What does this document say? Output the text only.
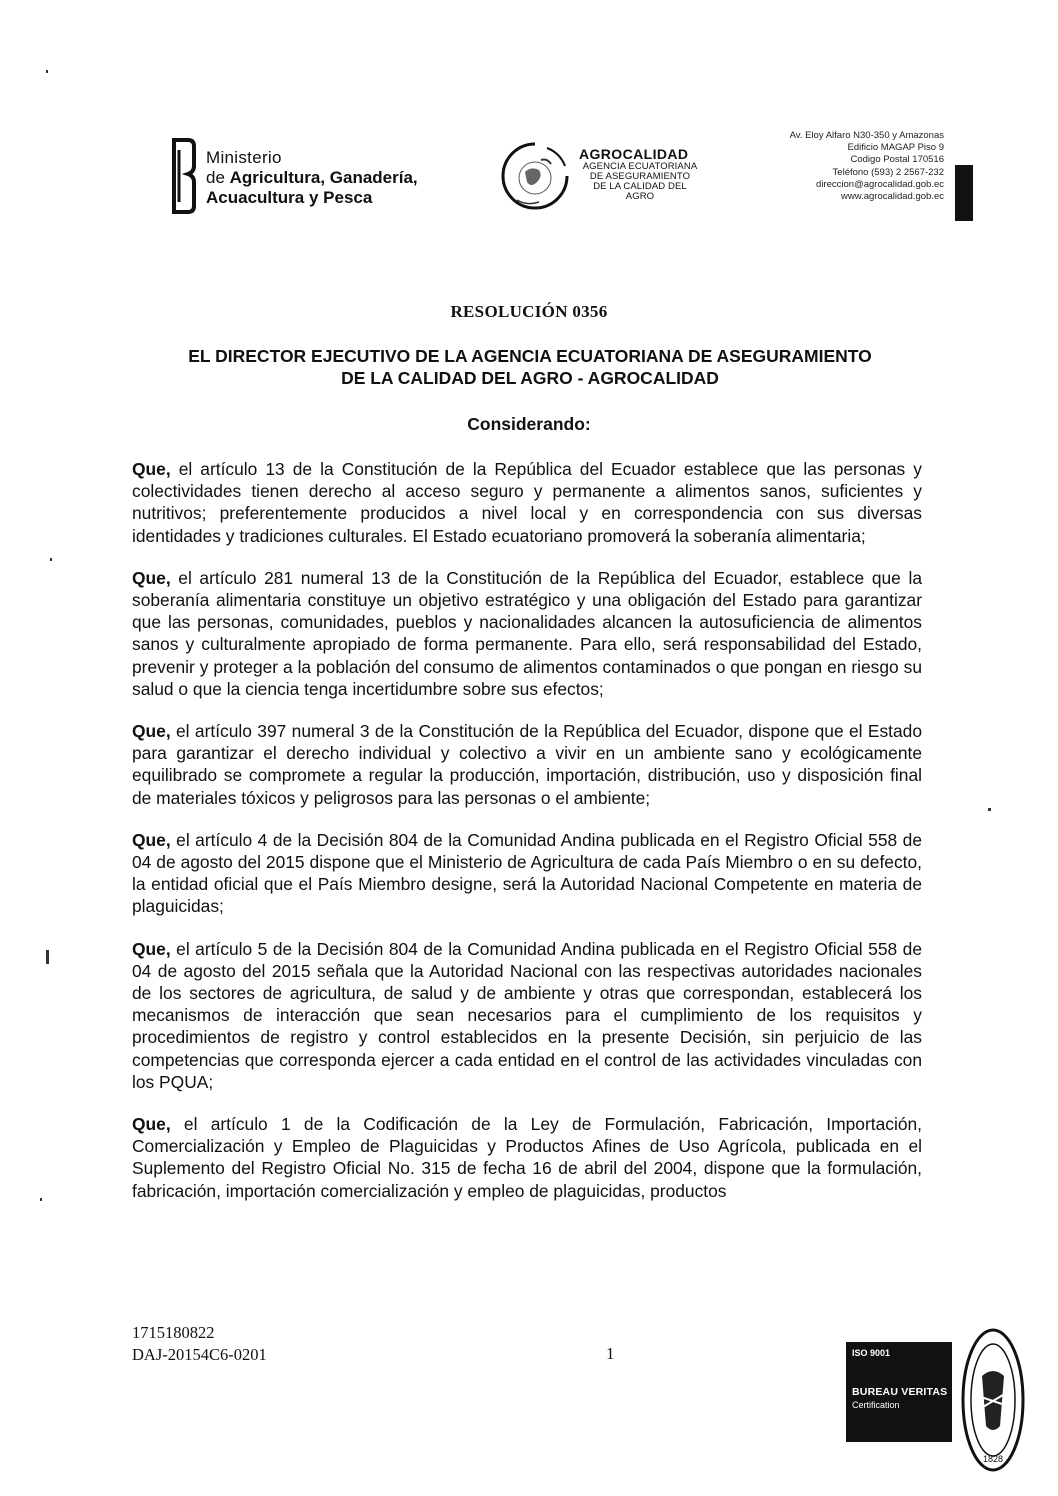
Ministerio
de Agricultura, Ganadería,
Acuacultura y Pesca
AGROCALIDAD
AGENCIA ECUATORIANA
DE ASEGURAMIENTO
DE LA CALIDAD DEL AGRO
Av. Eloy Alfaro N30-350 y Amazonas
Edificio MAGAP Piso 9
Codigo Postal 170516
Teléfono (593) 2 2567-232
direccion@agrocalidad.gob.ec
www.agrocalidad.gob.ec
RESOLUCIÓN 0356
EL DIRECTOR EJECUTIVO DE LA AGENCIA ECUATORIANA DE ASEGURAMIENTO
DE LA CALIDAD DEL AGRO - AGROCALIDAD
Considerando:

Que, el artículo 13 de la Constitución de la República del Ecuador establece que las personas y colectividades tienen derecho al acceso seguro y permanente a alimentos sanos, suficientes y nutritivos; preferentemente producidos a nivel local y en correspondencia con sus diversas identidades y tradiciones culturales. El Estado ecuatoriano promoverá la soberanía alimentaria;

Que, el artículo 281 numeral 13 de la Constitución de la República del Ecuador, establece que la soberanía alimentaria constituye un objetivo estratégico y una obligación del Estado para garantizar que las personas, comunidades, pueblos y nacionalidades alcancen la autosuficiencia de alimentos sanos y culturalmente apropiado de forma permanente. Para ello, será responsabilidad del Estado, prevenir y proteger a la población del consumo de alimentos contaminados o que pongan en riesgo su salud o que la ciencia tenga incertidumbre sobre sus efectos;

Que, el artículo 397 numeral 3 de la Constitución de la República del Ecuador, dispone que el Estado para garantizar el derecho individual y colectivo a vivir en un ambiente sano y ecológicamente equilibrado se compromete a regular la producción, importación, distribución, uso y disposición final de materiales tóxicos y peligrosos para las personas o el ambiente;

Que, el artículo 4 de la Decisión 804 de la Comunidad Andina publicada en el Registro Oficial 558 de 04 de agosto del 2015 dispone que el Ministerio de Agricultura de cada País Miembro o en su defecto, la entidad oficial que el País Miembro designe, será la Autoridad Nacional Competente en materia de plaguicidas;

Que, el artículo 5 de la Decisión 804 de la Comunidad Andina publicada en el Registro Oficial 558 de 04 de agosto del 2015 señala que la Autoridad Nacional con las respectivas autoridades nacionales de los sectores de agricultura, de salud y de ambiente y otras que correspondan, establecerá los mecanismos de interacción que sean necesarios para el cumplimiento de los requisitos y procedimientos de registro y control establecidos en la presente Decisión, sin perjuicio de las competencias que corresponda ejercer a cada entidad en el control de las actividades vinculadas con los PQUA;

Que, el artículo 1 de la Codificación de la Ley de Formulación, Fabricación, Importación, Comercialización y Empleo de Plaguicidas y Productos Afines de Uso Agrícola, publicada en el Suplemento del Registro Oficial No. 315 de fecha 16 de abril del 2004, dispone que la formulación, fabricación, importación comercialización y empleo de plaguicidas, productos

1715180822
DAJ-20154C6-0201	1	ISO 9001
BUREAU VERITAS
Certification
1828
